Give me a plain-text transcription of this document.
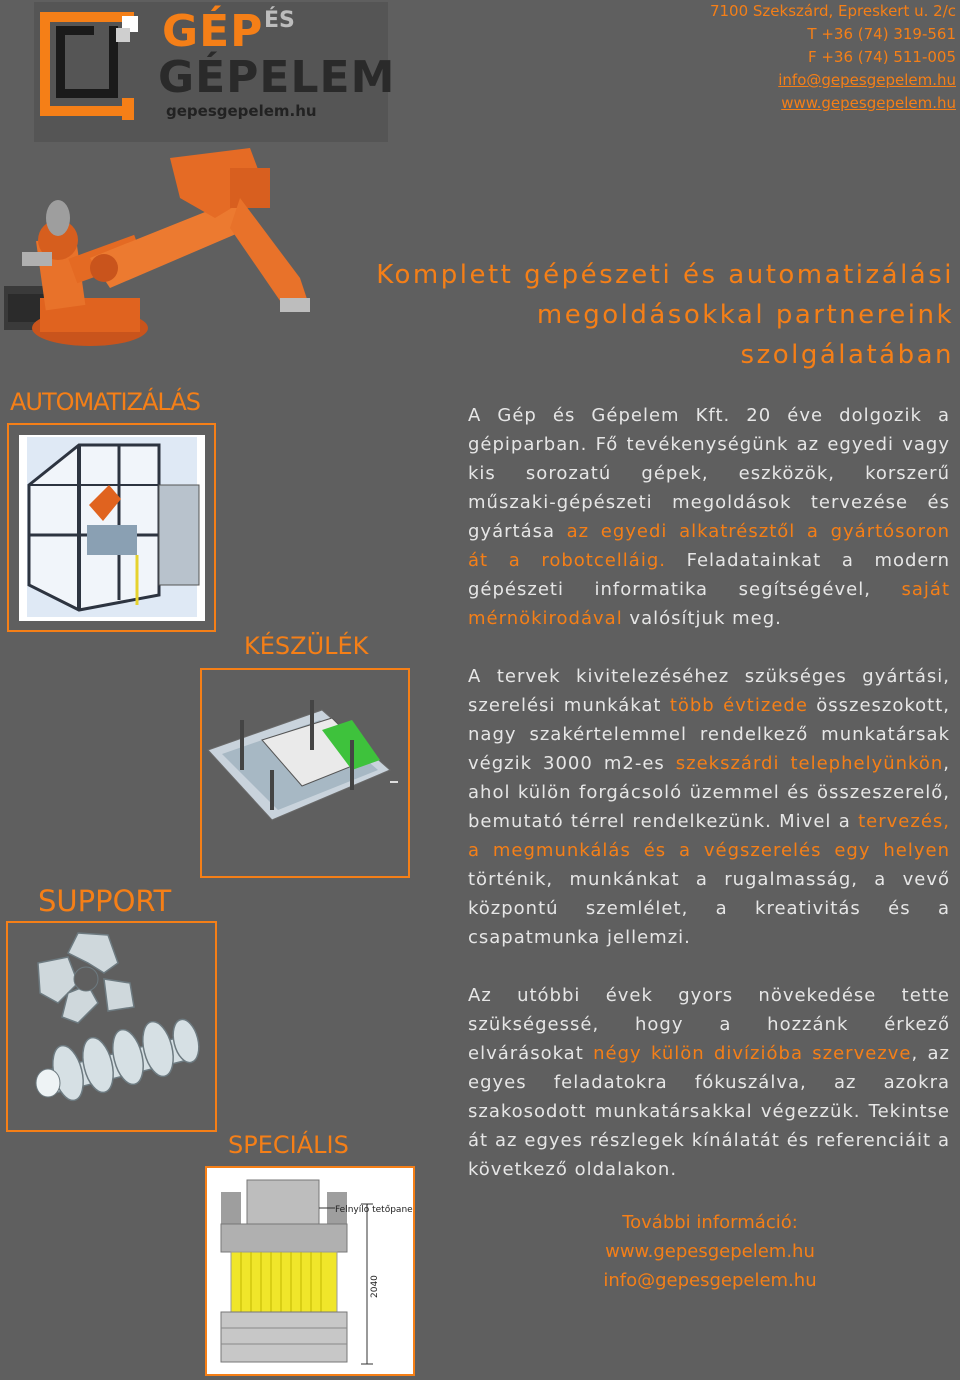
GÉP ÉS
GÉPELEM
gepesgepelem.hu
7100 Szekszárd, Epreskert u. 2/c
T +36 (74) 319-561
F +36 (74) 511-005
info@gepesgepelem.hu
www.gepesgepelem.hu
Komplett gépészeti és automatizálási
megoldásokkal partnereink szolgálatában
AUTOMATIZÁLÁS
KÉSZÜLÉK
SUPPORT
SPECIÁLIS
Felnyíló tetőpanel
2040

A Gép és Gépelem Kft. 20 éve dolgozik a gépiparban. Fő tevékenységünk az egyedi vagy kis sorozatú gépek, eszközök, korszerű műszaki-gépészeti megoldások tervezése és gyártása az egyedi alkatrésztől a gyártósoron át a robotcelláig. Feladatainkat a modern gépészeti informatika segítségével, saját mérnökirodával valósítjuk meg.

A tervek kivitelezéséhez szükséges gyártási, szerelési munkákat több évtizede összeszokott, nagy szakértelemmel rendelkező munkatársak végzik 3000 m2-es szekszárdi telephelyünkön, ahol külön forgácsoló üzemmel és összeszerelő, bemutató térrel rendelkezünk. Mivel a tervezés, a megmunkálás és a végszerelés egy helyen történik, munkánkat a rugalmasság, a vevő központú szemlélet, a kreativitás és a csapatmunka jellemzi.

Az utóbbi évek gyors növekedése tette szükségessé, hogy a hozzánk érkező elvárásokat négy külön divízióba szervezve, az egyes feladatokra fókuszálva, az azokra szakosodott munkatársakkal végezzük. Tekintse át az egyes részlegek kínálatát és referenciáit a következő oldalakon.

További információ:
www.gepesgepelem.hu
info@gepesgepelem.hu
